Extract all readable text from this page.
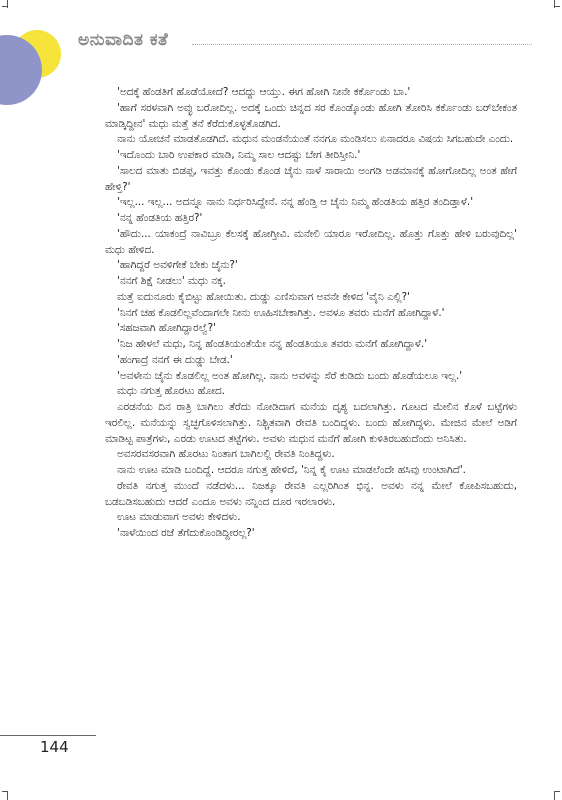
ಅನುವಾದಿತ ಕತೆ

'ಅದಕ್ಕೆ ಹೆಂಡತಿಗೆ ಹೊಡೆಯೋದೆ? ಆದದ್ದು ಆಯ್ತು. ಈಗ ಹೋಗಿ ನೀನೇ ಕರ್ಕೊಂಡು ಬಾ.'

'ಹಾಗೆ ಸರಳವಾಗಿ ಅವ್ಳು ಬರೋದಿಲ್ಲ. ಅದಕ್ಕೆ ಒಂದು ಚಿನ್ನದ ಸರ ಕೊಂಡ್ಕೊಂಡು ಹೋಗಿ ತೋರಿಸಿ ಕರ್ಕೊಂಡು ಬರ್‌ಬೇಕಂತ ಮಾಡ್ಕಿದ್ದೀನ' ಮಧು ಮತ್ತೆ ತನೆ ಕೆರೆದುಕೊಳ್ಳತೊಡಗಿದ.

ನಾನು ಯೋಚನೆ ಮಾಡತೊಡಗಿದೆ. ಮಧುನ ಮಂಡನೆಯಂತೆ ನನಗೂ ಮಂಡಿಸಲು ಏನಾದರೂ ವಿಷಯ ಸಿಗಬಹುದೇ ಎಂದು.

'ಇದೊಂದು ಬಾರಿ ಉಪಕಾರ ಮಾಡಿ, ನಿಮ್ಮ ಸಾಲ ಆದಷ್ಟು ಬೇಗ ತೀರಿಸ್ತೀನಿ.'

'ಸಾಲದ ಮಾತು ಬಿಡಪ್ಪ, ಇವತ್ತು ಕೊಂಡು ಕೊಂಡ ಚೈನು ನಾಳೆ ಸಾರಾಯಿ ಅಂಗಡಿ ಅಡಮಾನಕ್ಕೆ ಹೋಗೋದಿಲ್ಲ ಅಂತ ಹೇಗೆ ಹೇಳ್ತಿ?'

'ಇಲ್ಲ... ಇಲ್ಲ... ಅದನ್ನೂ ನಾನು ನಿರ್ಧರಿಸಿದ್ದೇನೆ. ನನ್ನ ಹೆಂಡ್ತಿ ಆ ಚೈನು ನಿಮ್ಮ ಹೆಂಡತಿಯ ಹತ್ತಿರ ತಂದಿಡ್ತಾಳೆ.'

'ನನ್ನ ಹೆಂಡತಿಯ ಹತ್ತಿರ?'

'ಹೌದು... ಯಾಕಂದ್ರೆ ನಾವಿಬ್ರೂ ಕೆಲಸಕ್ಕೆ ಹೋಗ್ತೀವಿ. ಮನೇಲಿ ಯಾರೂ ಇರೋದಿಲ್ಲ. ಹೊತ್ತು ಗೊತ್ತು ಹೇಳಿ ಬರುವುದಿಲ್ಲ' ಮಧು ಹೇಳಿದ.

'ಹಾಗಿದ್ದರೆ ಅವಳಿಗೇಕೆ ಬೇಕು ಚೈನು?'

'ನನಗೆ ಶಿಕ್ಷೆ ನೀಡಲು' ಮಧು ನಕ್ಕ.

ಮತ್ತೆ ಐದುನೂರು ಕೈಬಿಟ್ಟು ಹೋಯಿತು. ದುಡ್ಡು ಎಣಿಸುವಾಗ ಅವನೇ ಕೇಳಿದ 'ವೈನಿ ಎಲ್ಲಿ?'

'ನಿನಗೆ ಚಹ ಕೊಡಲಿಲ್ಲವೆಂದಾಗಲೇ ನೀನು ಊಹಿಸಬೇಕಾಗಿತ್ತು. ಅವಳೂ ತವರು ಮನೆಗೆ ಹೋಗಿದ್ದಾಳೆ.'

'ಸಹಜವಾಗಿ ಹೋಗಿದ್ದಾರಲ್ವೆ?'

'ನಿಜ ಹೇಳಲೆ ಮಧು, ನಿನ್ನ ಹೆಂಡತಿಯಂತೆಯೇ ನನ್ನ ಹೆಂಡತಿಯೂ ತವರು ಮನೆಗೆ ಹೋಗಿದ್ದಾಳೆ.'

'ಹಂಗಾದ್ರೆ ನನಗೆ ಈ ದುಡ್ಡು ಬೇಡ.'

'ಅವಳೇನು ಚೈನು ಕೊಡಲಿಲ್ಲ ಅಂತ ಹೋಗಿಲ್ಲ. ನಾನು ಅವಳನ್ನು ಸೆರೆ ಕುಡಿದು ಬಂದು ಹೊಡೆಯಲೂ ಇಲ್ಲ.'

ಮಧು ನಗುತ್ತ ಹೊರಟು ಹೋದ.

ಎರಡನೆಯ ದಿನ ರಾತ್ರಿ ಬಾಗಿಲು ತೆರೆದು ನೋಡಿದಾಗ ಮನೆಯ ದೃಶ್ಯ ಬದಲಾಗಿತ್ತು. ಗೂಟದ ಮೇಲಿನ ಕೊಳೆ ಬಟ್ಟೆಗಳು ಇರಲಿಲ್ಲ. ಮನೆಯನ್ನು ಸ್ವಚ್ಛಗೊಳಿಸಲಾಗಿತ್ತು. ನಿಶ್ಚಿತವಾಗಿ ರೇವತಿ ಬಂದಿದ್ದಳು. ಬಂದು ಹೋಗಿದ್ದಳು. ಮೇಜಿನ ಮೇಲೆ ಅಡಿಗೆ ಮಾಡಿಟ್ಟ ಪಾತ್ರೆಗಳು, ಎರಡು ಊಟದ ತಟ್ಟೆಗಳು. ಅವಳು ಮಧುನ ಮನೆಗೆ ಹೋಗಿ ಕುಳಿತಿರಬಹುದೆಂದು ಅನಿಸಿತು.

ಅವಸರವಸರವಾಗಿ ಹೊರಟು ನಿಂತಾಗ ಬಾಗಿಲಲ್ಲಿ ರೇವತಿ ನಿಂತಿದ್ದಳು.

ನಾನು ಊಟ ಮಾಡಿ ಬಂದಿದ್ದೆ. ಆದರೂ ನಗುತ್ತ ಹೇಳಿದೆ, 'ನಿನ್ನ ಕೈ ಊಟ ಮಾಡಲೆಂದೇ ಹಸಿವು ಉಂಟಾಗಿದೆ'.

ರೇವತಿ ನಗುತ್ತ ಮುಂದೆ ನಡೆದಳು... ನಿಜಕ್ಕೂ ರೇವತಿ ಎಲ್ಲರಿಗಿಂತ ಭಿನ್ನ. ಅವಳು ನನ್ನ ಮೇಲೆ ಕೋಪಿಸಬಹುದು, ಬಡಬಡಿಸಬಹುದು ಆದರೆ ಎಂದೂ ಅವಳು ನನ್ನಿಂದ ದೂರ ಇರಲಾರಳು.

ಊಟ ಮಾಡುವಾಗ ಅವಳು ಕೇಳಿದಳು.

'ನಾಳೆಯಿಂದ ರಜೆ ತೆಗೆದುಕೊಂಡಿದ್ದೀರಲ್ಲ?'

144
